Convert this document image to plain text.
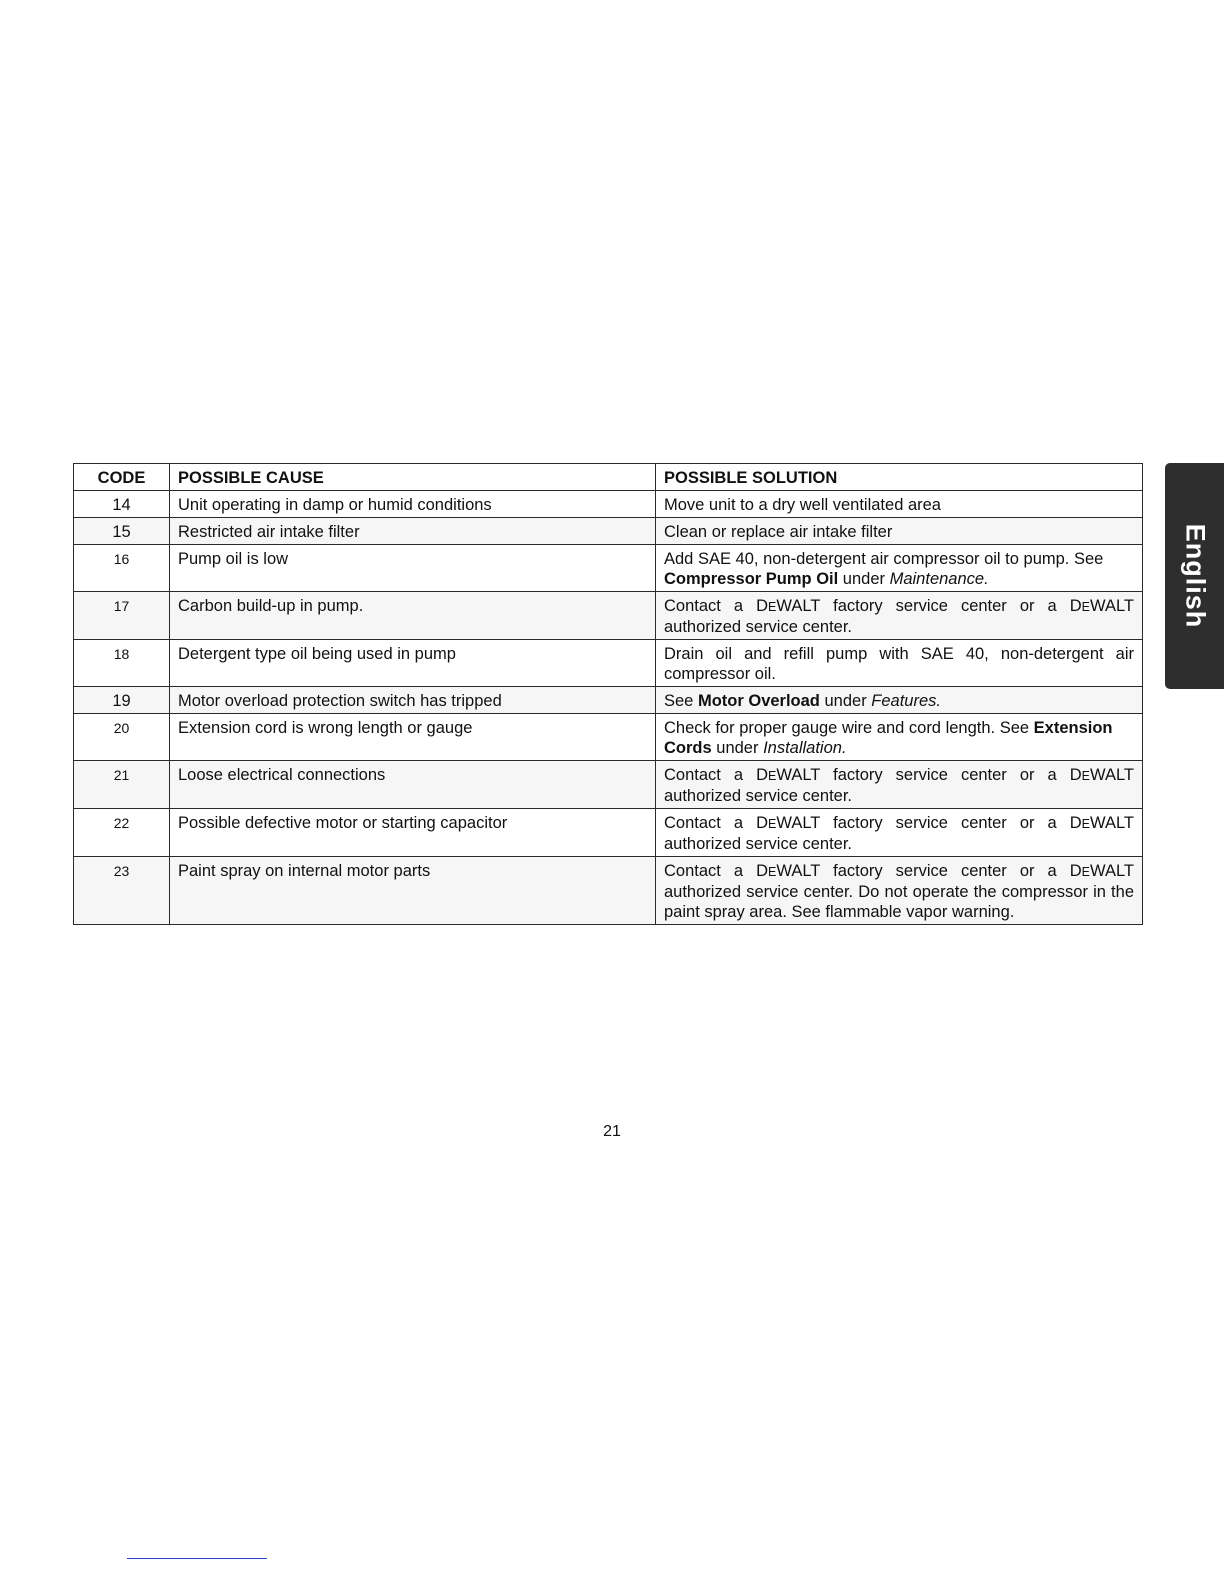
CODE	POSSIBLE CAUSE	POSSIBLE SOLUTION
14	Unit operating in damp or humid conditions	Move unit to a dry well ventilated area
15	Restricted air intake filter	Clean or replace air intake filter
16	Pump oil is low	Add SAE 40, non-detergent air compressor oil to pump. See Compressor Pump Oil under Maintenance.
17	Carbon build-up in pump.	Contact a DEWALT factory service center or a DEWALT authorized service center.
18	Detergent type oil being used in pump	Drain oil and refill pump with SAE 40, non-detergent air compressor oil.
19	Motor overload protection switch has tripped	See Motor Overload under Features.
20	Extension cord is wrong length or gauge	Check for proper gauge wire and cord length. See Extension Cords under Installation.
21	Loose electrical connections	Contact a DEWALT factory service center or a DEWALT authorized service center.
22	Possible defective motor or starting capacitor	Contact a DEWALT factory service center or a DEWALT authorized service center.
23	Paint spray on internal motor parts	Contact a DEWALT factory service center or a DEWALT authorized service center. Do not operate the compressor in the paint spray area. See flammable vapor warning.
English
21
